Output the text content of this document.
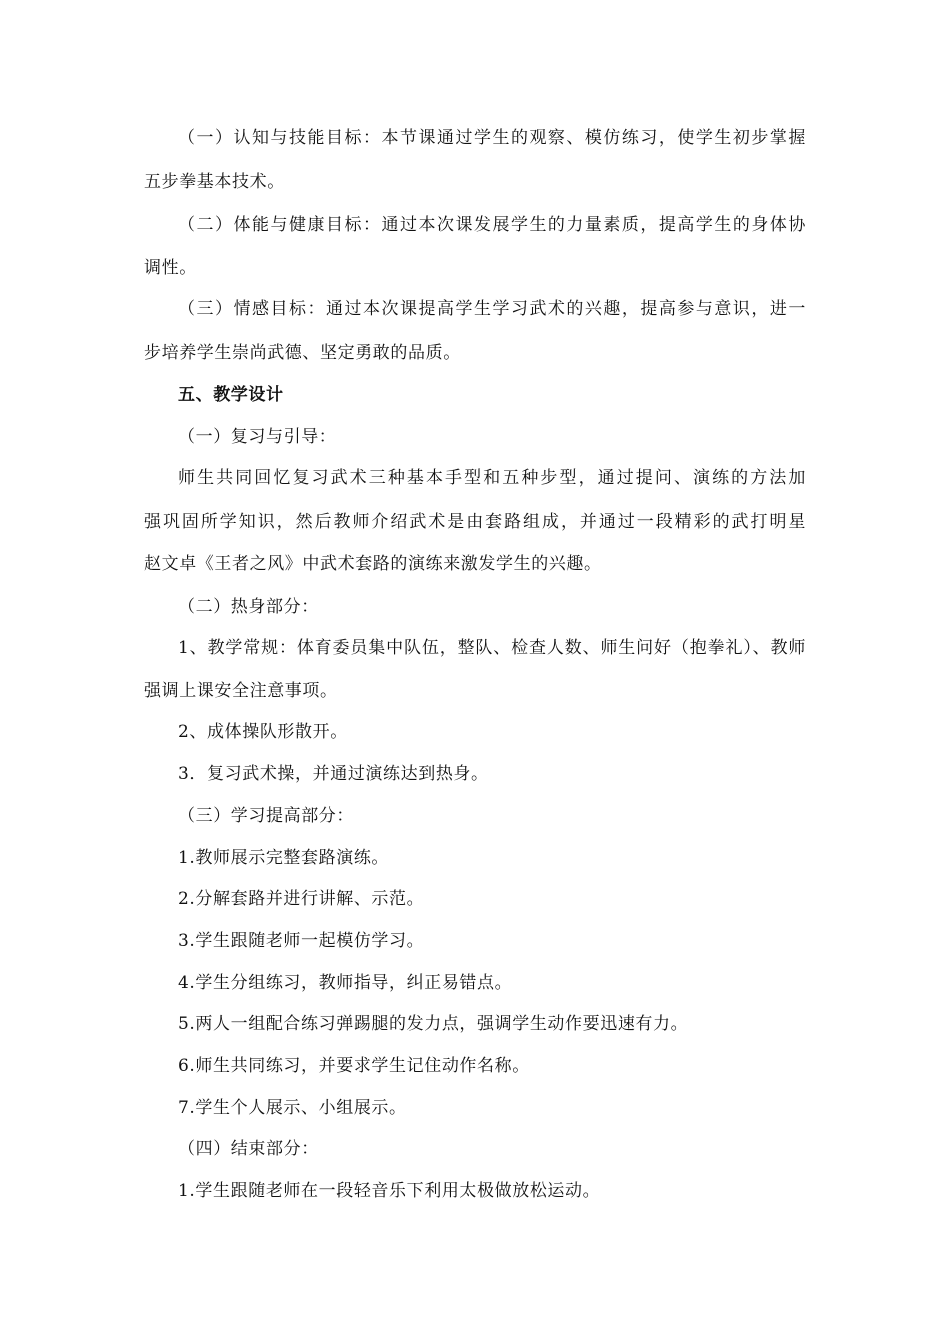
（一）认知与技能目标：本节课通过学生的观察、模仿练习，使学生初步掌握
五步拳基本技术。
（二）体能与健康目标：通过本次课发展学生的力量素质，提高学生的身体协
调性。
（三）情感目标：通过本次课提高学生学习武术的兴趣，提高参与意识，进一
步培养学生崇尚武德、坚定勇敢的品质。
五、教学设计
（一）复习与引导：
师生共同回忆复习武术三种基本手型和五种步型，通过提问、演练的方法加
强巩固所学知识，然后教师介绍武术是由套路组成，并通过一段精彩的武打明星
赵文卓《王者之风》中武术套路的演练来激发学生的兴趣。
（二）热身部分：
1、教学常规：体育委员集中队伍，整队、检查人数、师生问好（抱拳礼）、教师
强调上课安全注意事项。
2、成体操队形散开。
3．复习武术操，并通过演练达到热身。
（三）学习提高部分：
1.教师展示完整套路演练。
2.分解套路并进行讲解、示范。
3.学生跟随老师一起模仿学习。
4.学生分组练习，教师指导，纠正易错点。
5.两人一组配合练习弹踢腿的发力点，强调学生动作要迅速有力。
6.师生共同练习，并要求学生记住动作名称。
7.学生个人展示、小组展示。
（四）结束部分：
1.学生跟随老师在一段轻音乐下利用太极做放松运动。
